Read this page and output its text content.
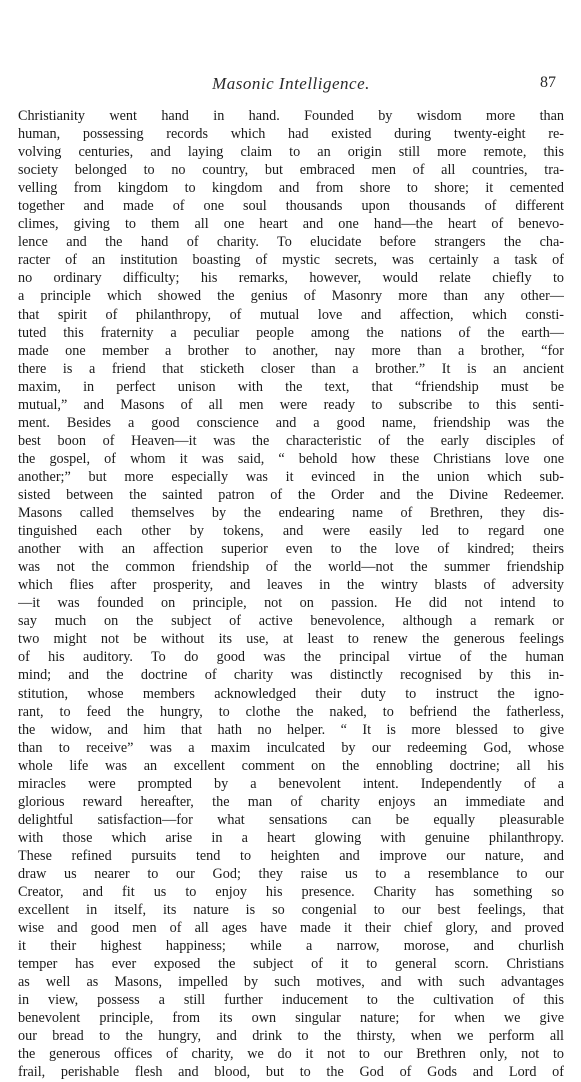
Masonic Intelligence.	87
Christianity went hand in hand. Founded by wisdom more than
human, possessing records which had existed during twenty-eight re-
volving centuries, and laying claim to an origin still more remote, this
society belonged to no country, but embraced men of all countries, tra-
velling from kingdom to kingdom and from shore to shore; it cemented
together and made of one soul thousands upon thousands of different
climes, giving to them all one heart and one hand—the heart of benevo-
lence and the hand of charity. To elucidate before strangers the cha-
racter of an institution boasting of mystic secrets, was certainly a task of
no ordinary difficulty; his remarks, however, would relate chiefly to
a principle which showed the genius of Masonry more than any other—
that spirit of philanthropy, of mutual love and affection, which consti-
tuted this fraternity a peculiar people among the nations of the earth—
made one member a brother to another, nay more than a brother, “for
there is a friend that sticketh closer than a brother.” It is an ancient
maxim, in perfect unison with the text, that “friendship must be
mutual,” and Masons of all men were ready to subscribe to this senti-
ment. Besides a good conscience and a good name, friendship was the
best boon of Heaven—it was the characteristic of the early disciples of
the gospel, of whom it was said, “ behold how these Christians love one
another;” but more especially was it evinced in the union which sub-
sisted between the sainted patron of the Order and the Divine Redeemer.
Masons called themselves by the endearing name of Brethren, they dis-
tinguished each other by tokens, and were easily led to regard one
another with an affection superior even to the love of kindred; theirs
was not the common friendship of the world—not the summer friendship
which flies after prosperity, and leaves in the wintry blasts of adversity
—it was founded on principle, not on passion. He did not intend to
say much on the subject of active benevolence, although a remark or
two might not be without its use, at least to renew the generous feelings
of his auditory. To do good was the principal virtue of the human
mind; and the doctrine of charity was distinctly recognised by this in-
stitution, whose members acknowledged their duty to instruct the igno-
rant, to feed the hungry, to clothe the naked, to befriend the fatherless,
the widow, and him that hath no helper. “ It is more blessed to give
than to receive” was a maxim inculcated by our redeeming God, whose
whole life was an excellent comment on the ennobling doctrine; all his
miracles were prompted by a benevolent intent. Independently of a
glorious reward hereafter, the man of charity enjoys an immediate and
delightful satisfaction—for what sensations can be equally pleasurable
with those which arise in a heart glowing with genuine philanthropy.
These refined pursuits tend to heighten and improve our nature, and
draw us nearer to our God; they raise us to a resemblance to our
Creator, and fit us to enjoy his presence. Charity has something so
excellent in itself, its nature is so congenial to our best feelings, that
wise and good men of all ages have made it their chief glory, and proved
it their highest happiness; while a narrow, morose, and churlish
temper has ever exposed the subject of it to general scorn. Christians
as well as Masons, impelled by such motives, and with such advantages
in view, possess a still further inducement to the cultivation of this
benevolent principle, from its own singular nature; for when we give
our bread to the hungry, and drink to the thirsty, when we perform all
the generous offices of charity, we do it not to our Brethren only, not to
frail, perishable flesh and blood, but to the God of Gods and Lord of
